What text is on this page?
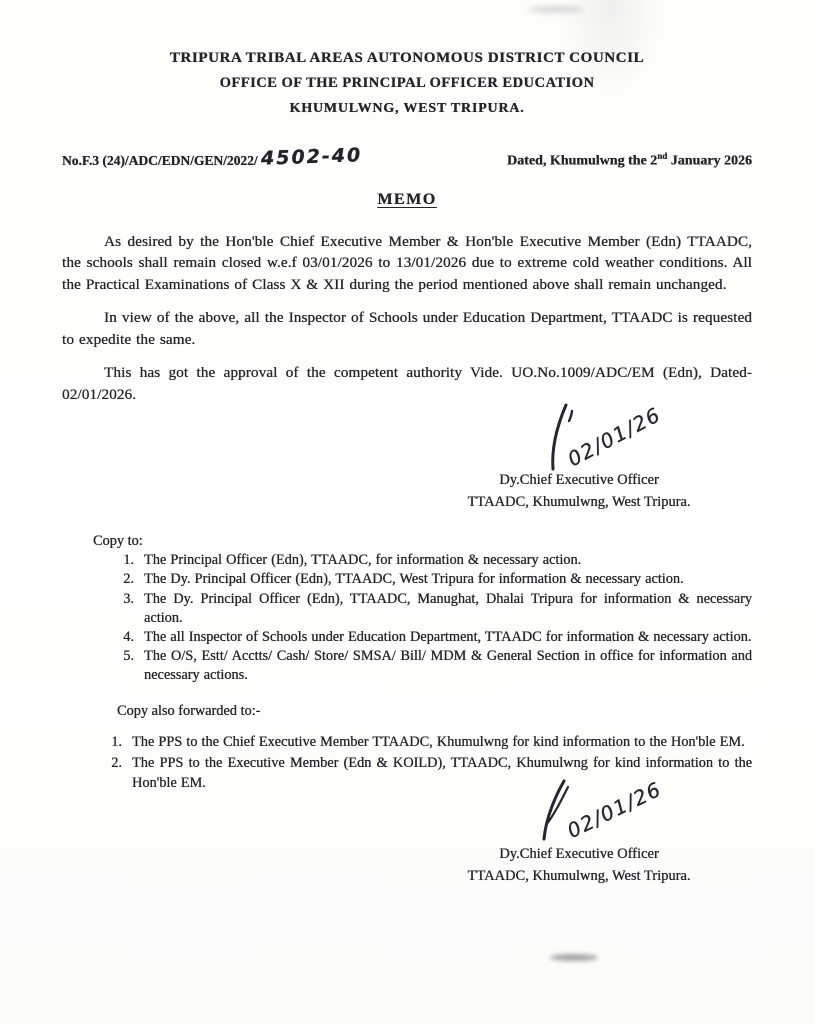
TRIPURA TRIBAL AREAS AUTONOMOUS DISTRICT COUNCIL
OFFICE OF THE PRINCIPAL OFFICER EDUCATION
KHUMULWNG, WEST TRIPURA.
No.F.3 (24)/ADC/EDN/GEN/2022/ 4502-40	Dated, Khumulwng the 2nd January 2026
MEMO

As desired by the Hon'ble Chief Executive Member & Hon'ble Executive Member (Edn) TTAADC, the schools shall remain closed w.e.f 03/01/2026 to 13/01/2026 due to extreme cold weather conditions. All the Practical Examinations of Class X & XII during the period mentioned above shall remain unchanged.

In view of the above, all the Inspector of Schools under Education Department, TTAADC is requested to expedite the same.

This has got the approval of the competent authority Vide. UO.No.1009/ADC/EM (Edn), Dated-02/01/2026.

02/01/26
Dy.Chief Executive Officer
TTAADC, Khumulwng, West Tripura.
Copy to:
1. The Principal Officer (Edn), TTAADC, for information & necessary action.
2. The Dy. Principal Officer (Edn), TTAADC, West Tripura for information & necessary action.
3. The Dy. Principal Officer (Edn), TTAADC, Manughat, Dhalai Tripura for information & necessary action.
4. The all Inspector of Schools under Education Department, TTAADC for information & necessary action.
5. The O/S, Estt/ Acctts/ Cash/ Store/ SMSA/ Bill/ MDM & General Section in office for information and necessary actions.
Copy also forwarded to:-
1. The PPS to the Chief Executive Member TTAADC, Khumulwng for kind information to the Hon'ble EM.
2. The PPS to the Executive Member (Edn & KOILD), TTAADC, Khumulwng for kind information to the Hon'ble EM.	02/01/26
Dy.Chief Executive Officer
TTAADC, Khumulwng, West Tripura.
